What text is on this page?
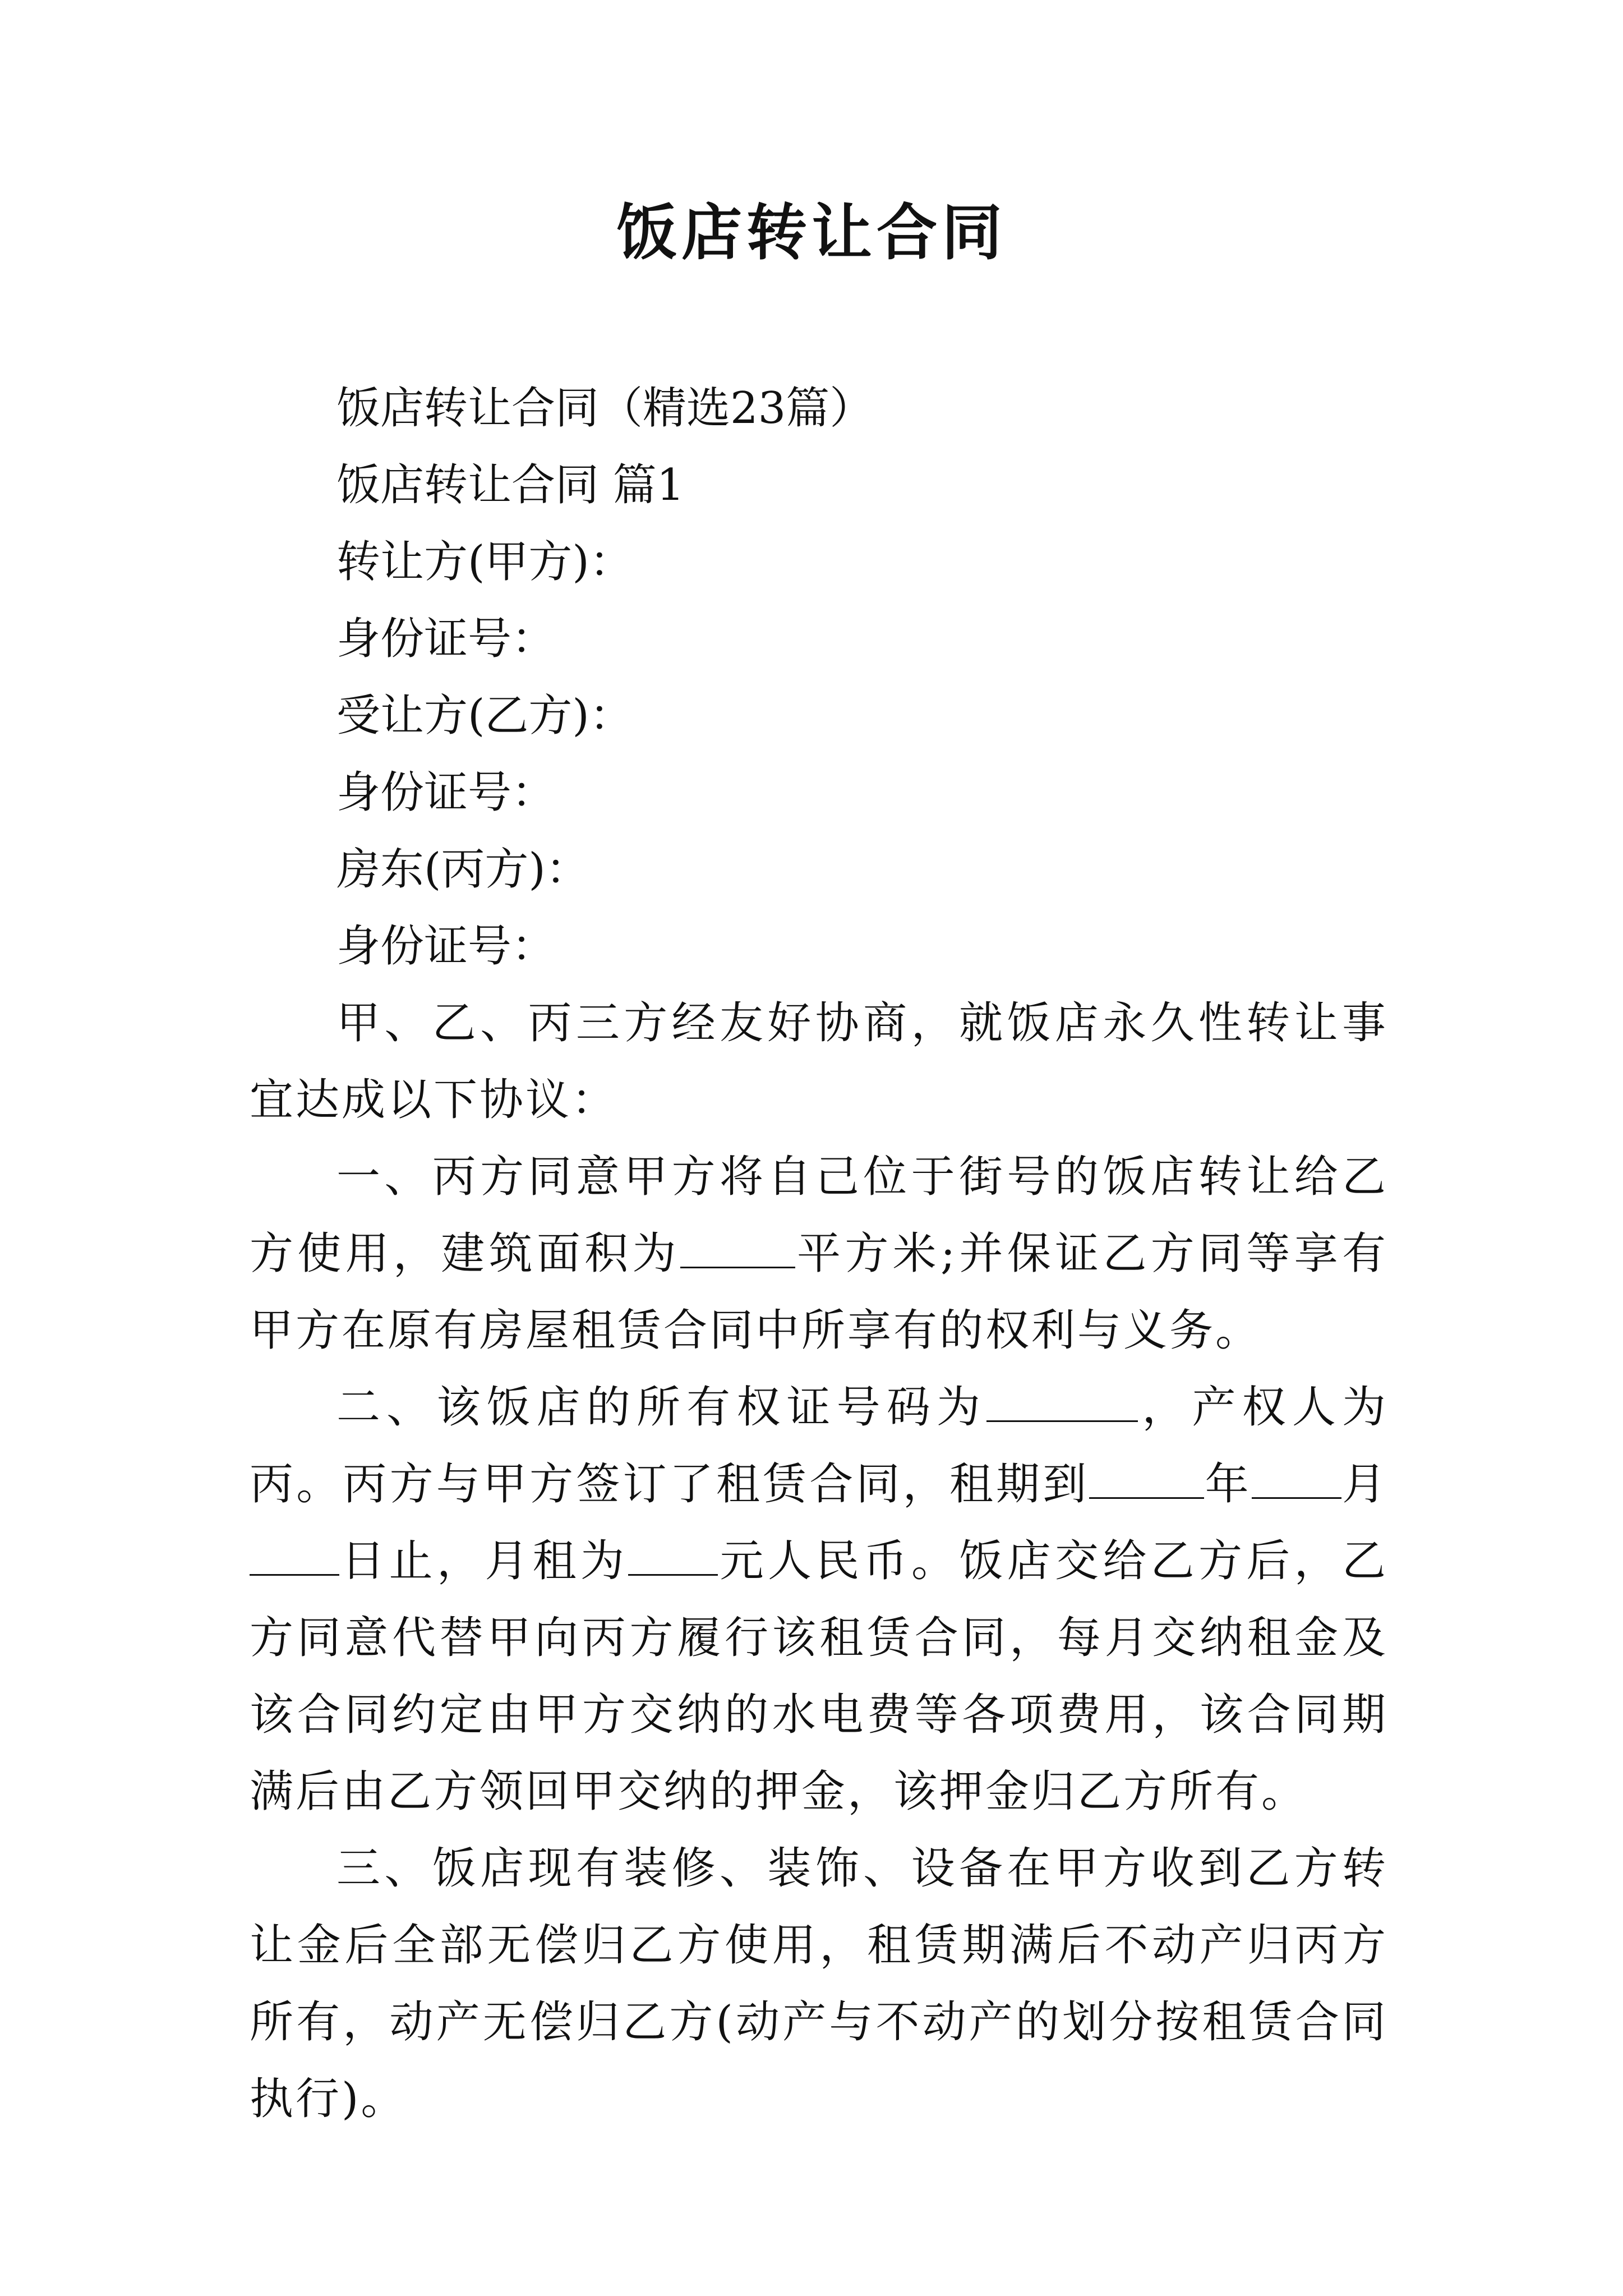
饭店转让合同

饭店转让合同（精选23篇）

饭店转让合同 篇1

转让方(甲方)：

身份证号：

受让方(乙方)：

身份证号：

房东(丙方)：

身份证号：

甲、乙、丙三方经友好协商，就饭店永久性转让事宜达成以下协议：

一、丙方同意甲方将自己位于街号的饭店转让给乙方使用，建筑面积为	平方米;并保证乙方同等享有甲方在原有房屋租赁合同中所享有的权利与义务。

二、该饭店的所有权证号码为	，产权人为丙。丙方与甲方签订了租赁合同，租期到	年 月日止，月租为 元人民币。饭店交给乙方后，乙方同意代替甲向丙方履行该租赁合同，每月交纳租金及该合同约定由甲方交纳的水电费等各项费用，该合同期满后由乙方领回甲交纳的押金，该押金归乙方所有。

三、饭店现有装修、装饰、设备在甲方收到乙方转让金后全部无偿归乙方使用，租赁期满后不动产归丙方所有，动产无偿归乙方(动产与不动产的划分按租赁合同执行)。
